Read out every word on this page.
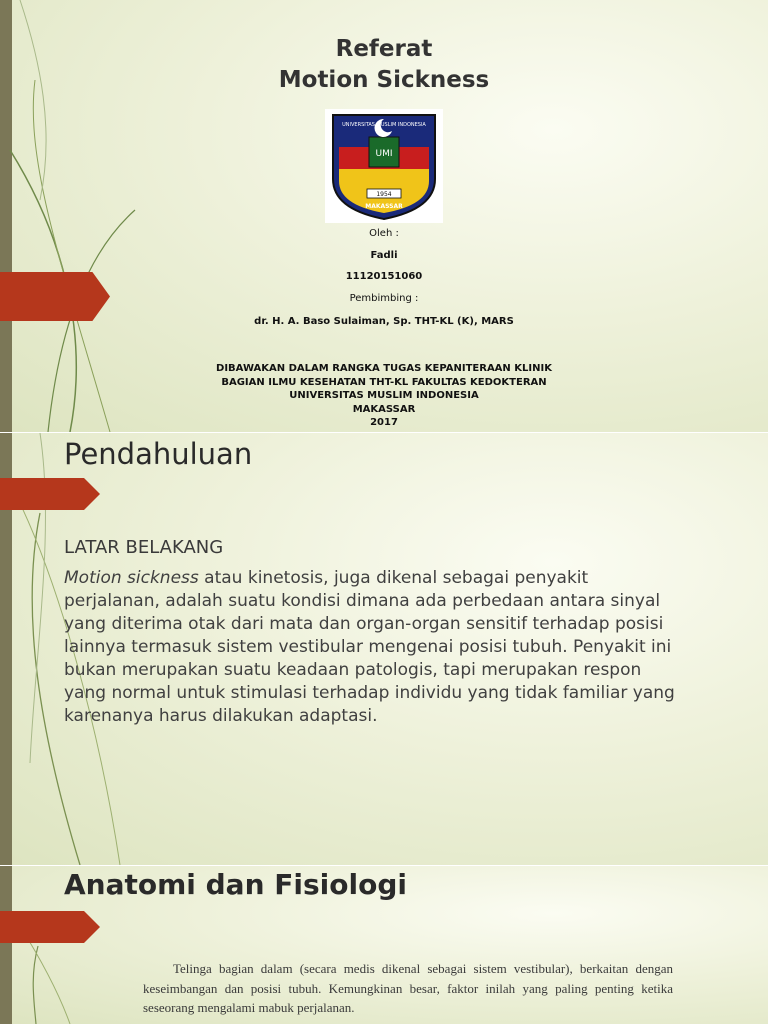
Referat
Motion Sickness
UMI
UNIVERSITAS MUSLIM INDONESIA
1954
MAKASSAR
Oleh :
Fadli
11120151060
Pembimbing :
dr. H. A. Baso Sulaiman, Sp. THT-KL (K), MARS
DIBAWAKAN DALAM RANGKA TUGAS KEPANITERAAN KLINIK
BAGIAN ILMU KESEHATAN THT-KL FAKULTAS KEDOKTERAN
UNIVERSITAS MUSLIM INDONESIA
MAKASSAR
2017
Pendahuluan
LATAR BELAKANG
Motion sickness atau kinetosis, juga dikenal sebagai penyakit perjalanan, adalah suatu kondisi dimana ada perbedaan antara sinyal yang diterima otak dari mata dan organ-organ sensitif terhadap posisi lainnya termasuk sistem vestibular mengenai posisi tubuh. Penyakit ini bukan merupakan suatu keadaan patologis, tapi merupakan respon yang normal untuk stimulasi terhadap individu yang tidak familiar yang karenanya harus dilakukan adaptasi.
Anatomi dan Fisiologi
Telinga bagian dalam (secara medis dikenal sebagai sistem vestibular), berkaitan dengan keseimbangan dan posisi tubuh. Kemungkinan besar, faktor inilah yang paling penting ketika seseorang mengalami mabuk perjalanan.
